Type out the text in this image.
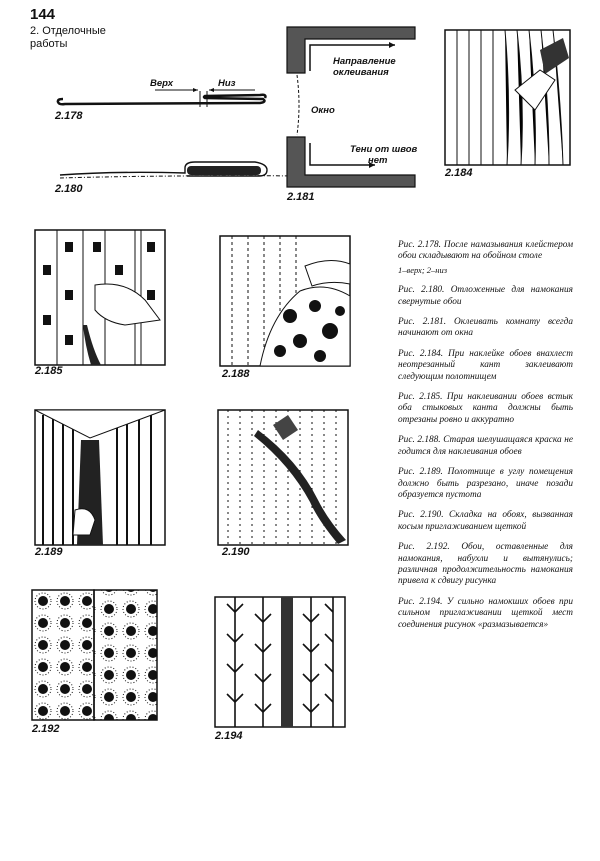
144
2. Отделочные
работы
Верх	Низ
2.178
2.180
Направление
оклеивания
Окно
Тени от швов
нет
2.181
2.184
2.185	2.188
2.189	2.190
2.192
2.194

Рис. 2.178. После намазывания клейстером обои складывают на обойном столе

1–верх; 2–низ

Рис. 2.180. Отложенные для намокания свернутые обои

Рис. 2.181. Оклеивать комнату всегда начинают от окна

Рис. 2.184. При наклейке обоев внахлест неотрезанный кант заклеивают следующим полотнищем

Рис. 2.185. При наклеивании обоев встык оба стыковых канта должны быть отрезаны ровно и аккуратно

Рис. 2.188. Старая шелушащаяся краска не годится для наклеивания обоев

Рис. 2.189. Полотнище в углу помещения должно быть разрезано, иначе позади образуется пустота

Рис. 2.190. Складка на обоях, вызванная косым приглаживанием щеткой

Рис. 2.192. Обои, оставленные для намокания, набухли и вытянулись; различная продолжительность намокания привела к сдвигу рисунка

Рис. 2.194. У сильно намокших обоев при сильном приглаживании щеткой мест соединения рисунок «размазывается»
